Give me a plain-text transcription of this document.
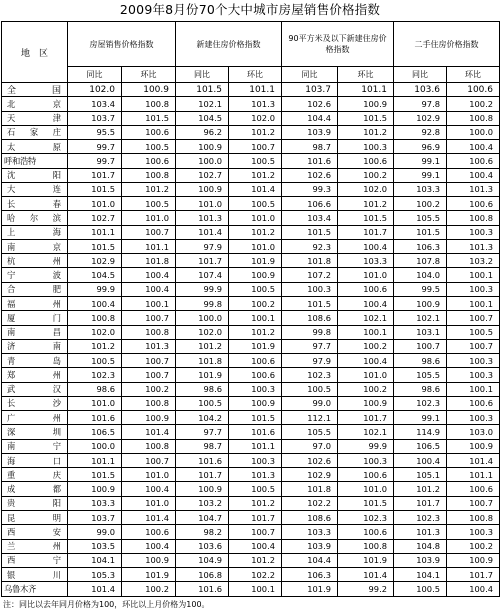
2009年8月份70个大中城市房屋销售价格指数
地　区	房屋销售价格指数		新建住房价格指数		90平方米及以下新建住房价格指数		二手住房价格指数	
	同比	环比	同比	环比	同比	环比	同比	环比
全　国	102.0	100.9	101.5	101.1	103.7	101.1	103.6	100.6
北京	103.4	100.8	102.1	101.3	102.6	100.9	97.8	100.2
天津	103.7	101.5	104.5	102.0	104.4	101.5	102.9	100.8
石家庄	95.5	100.6	96.2	101.2	103.9	101.2	92.8	100.0
太原	99.7	100.5	100.9	100.7	98.7	100.3	96.9	100.4
呼和浩特	99.7	100.6	100.0	100.5	101.6	100.6	99.1	100.6
沈阳	101.7	100.8	102.7	101.2	102.6	100.2	99.1	100.4
大连	101.5	101.2	100.9	101.4	99.3	102.0	103.3	101.3
长春	101.0	100.5	101.0	100.5	106.6	101.2	100.2	100.6
哈尔滨	102.7	101.0	101.3	101.0	103.4	101.5	105.5	100.8
上海	101.1	100.7	101.4	101.2	101.5	101.7	101.5	100.3
南京	101.5	101.1	97.9	101.0	92.3	100.4	106.3	101.3
杭州	102.9	101.8	101.7	101.9	101.8	103.3	107.8	103.2
宁波	104.5	100.4	107.4	100.9	107.2	101.0	104.0	100.1
合肥	99.9	100.4	99.9	100.5	100.3	100.6	99.5	100.3
福州	100.4	100.1	99.8	100.2	101.5	100.4	100.9	100.1
厦门	100.8	100.7	100.0	100.1	108.6	102.1	102.1	100.7
南昌	102.0	100.8	102.0	101.2	99.8	100.1	103.1	100.5
济南	101.2	101.3	101.2	101.9	97.7	100.2	100.7	100.7
青岛	100.5	100.7	101.8	100.6	97.9	100.4	98.6	100.3
郑州	102.3	100.7	101.9	100.6	102.3	101.0	105.5	100.3
武汉	98.6	100.2	98.6	100.3	100.5	100.2	98.6	100.1
长沙	101.0	100.8	100.5	100.9	99.0	100.9	102.3	100.6
广州	101.6	100.9	104.2	101.5	112.1	101.7	99.1	100.3
深圳	106.5	101.4	97.7	101.6	105.5	102.1	114.9	103.0
南宁	100.0	100.8	98.7	101.1	97.0	99.9	106.5	100.9
海口	101.1	100.7	101.6	100.3	102.6	100.3	100.4	101.4
重庆	101.5	101.0	101.7	101.3	102.9	100.6	105.1	101.1
成都	100.9	100.4	100.9	100.5	101.8	101.0	101.2	100.6
贵阳	103.3	101.0	103.2	101.2	102.2	101.5	101.7	100.7
昆明	103.7	101.4	104.7	101.7	108.6	102.3	102.3	100.8
西安	99.0	100.6	98.2	100.7	103.3	100.6	101.3	100.3
兰州	103.5	100.4	103.6	100.4	103.9	100.8	104.8	100.2
西宁	104.1	100.9	104.9	101.2	104.4	101.9	103.9	100.9
银川	105.3	101.9	106.8	102.2	106.3	101.4	104.1	101.7
乌鲁木齐	101.4	100.2	101.6	100.1	101.9	99.2	100.5	100.4
注：同比以去年同月价格为100，环比以上月价格为100。
